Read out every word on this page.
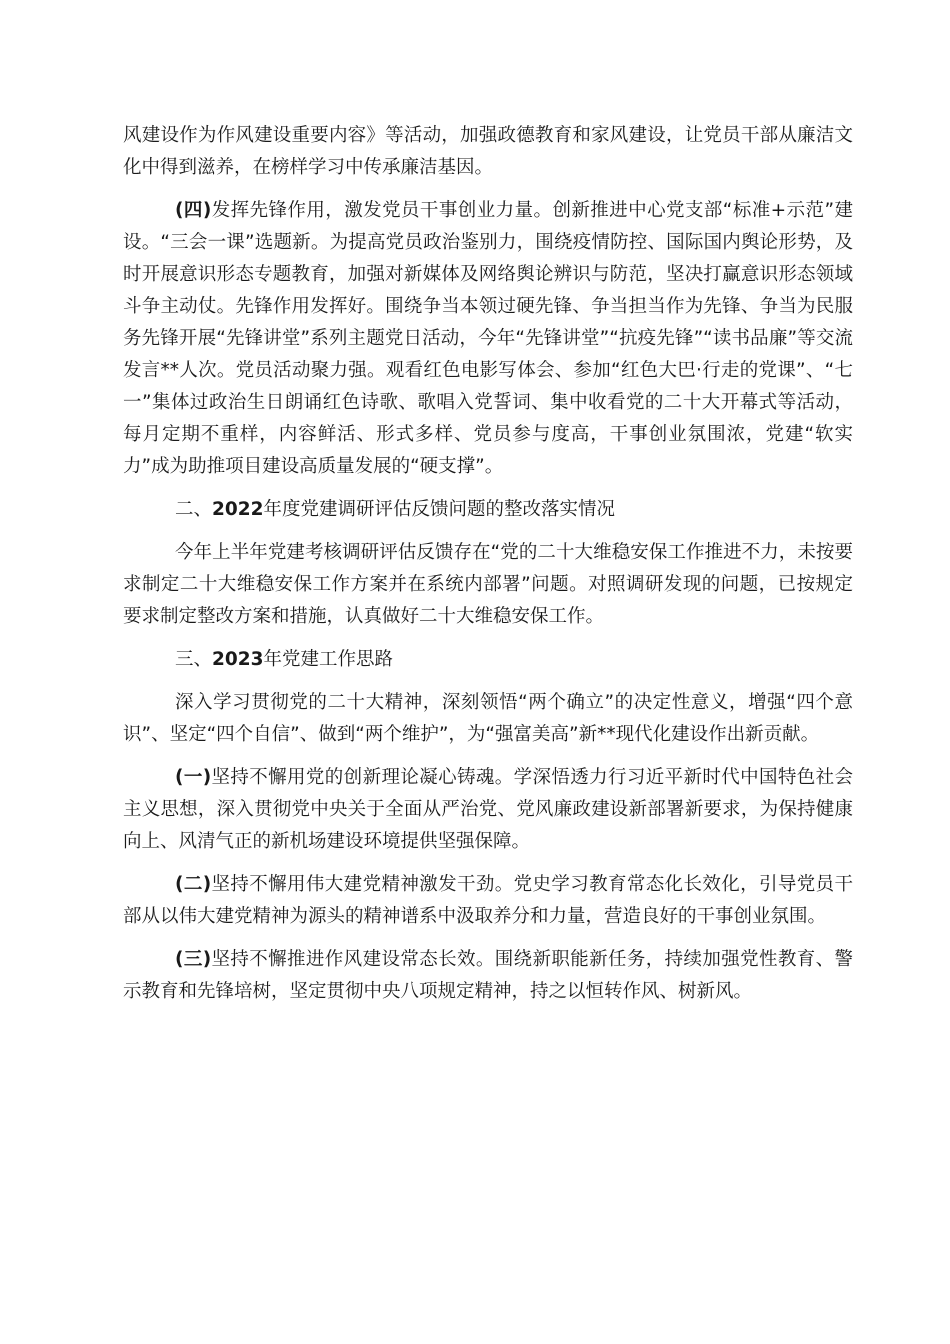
风建设作为作风建设重要内容》等活动，加强政德教育和家风建设，让党员干部从廉洁文化中得到滋养，在榜样学习中传承廉洁基因。

(四)发挥先锋作用，激发党员干事创业力量。创新推进中心党支部“标准+示范”建设。“三会一课”选题新。为提高党员政治鉴别力，围绕疫情防控、国际国内舆论形势，及时开展意识形态专题教育，加强对新媒体及网络舆论辨识与防范，坚决打赢意识形态领域斗争主动仗。先锋作用发挥好。围绕争当本领过硬先锋、争当担当作为先锋、争当为民服务先锋开展“先锋讲堂”系列主题党日活动，今年“先锋讲堂”“抗疫先锋”“读书品廉”等交流发言**人次。党员活动聚力强。观看红色电影写体会、参加“红色大巴·行走的党课”、“七一”集体过政治生日朗诵红色诗歌、歌唱入党誓词、集中收看党的二十大开幕式等活动，每月定期不重样，内容鲜活、形式多样、党员参与度高，干事创业氛围浓，党建“软实力”成为助推项目建设高质量发展的“硬支撑”。

二、2022年度党建调研评估反馈问题的整改落实情况

今年上半年党建考核调研评估反馈存在“党的二十大维稳安保工作推进不力，未按要求制定二十大维稳安保工作方案并在系统内部署”问题。对照调研发现的问题，已按规定要求制定整改方案和措施，认真做好二十大维稳安保工作。

三、2023年党建工作思路

深入学习贯彻党的二十大精神，深刻领悟“两个确立”的决定性意义，增强“四个意识”、坚定“四个自信”、做到“两个维护”，为“强富美高”新**现代化建设作出新贡献。

(一)坚持不懈用党的创新理论凝心铸魂。学深悟透力行习近平新时代中国特色社会主义思想，深入贯彻党中央关于全面从严治党、党风廉政建设新部署新要求，为保持健康向上、风清气正的新机场建设环境提供坚强保障。

(二)坚持不懈用伟大建党精神激发干劲。党史学习教育常态化长效化，引导党员干部从以伟大建党精神为源头的精神谱系中汲取养分和力量，营造良好的干事创业氛围。

(三)坚持不懈推进作风建设常态长效。围绕新职能新任务，持续加强党性教育、警示教育和先锋培树，坚定贯彻中央八项规定精神，持之以恒转作风、树新风。
